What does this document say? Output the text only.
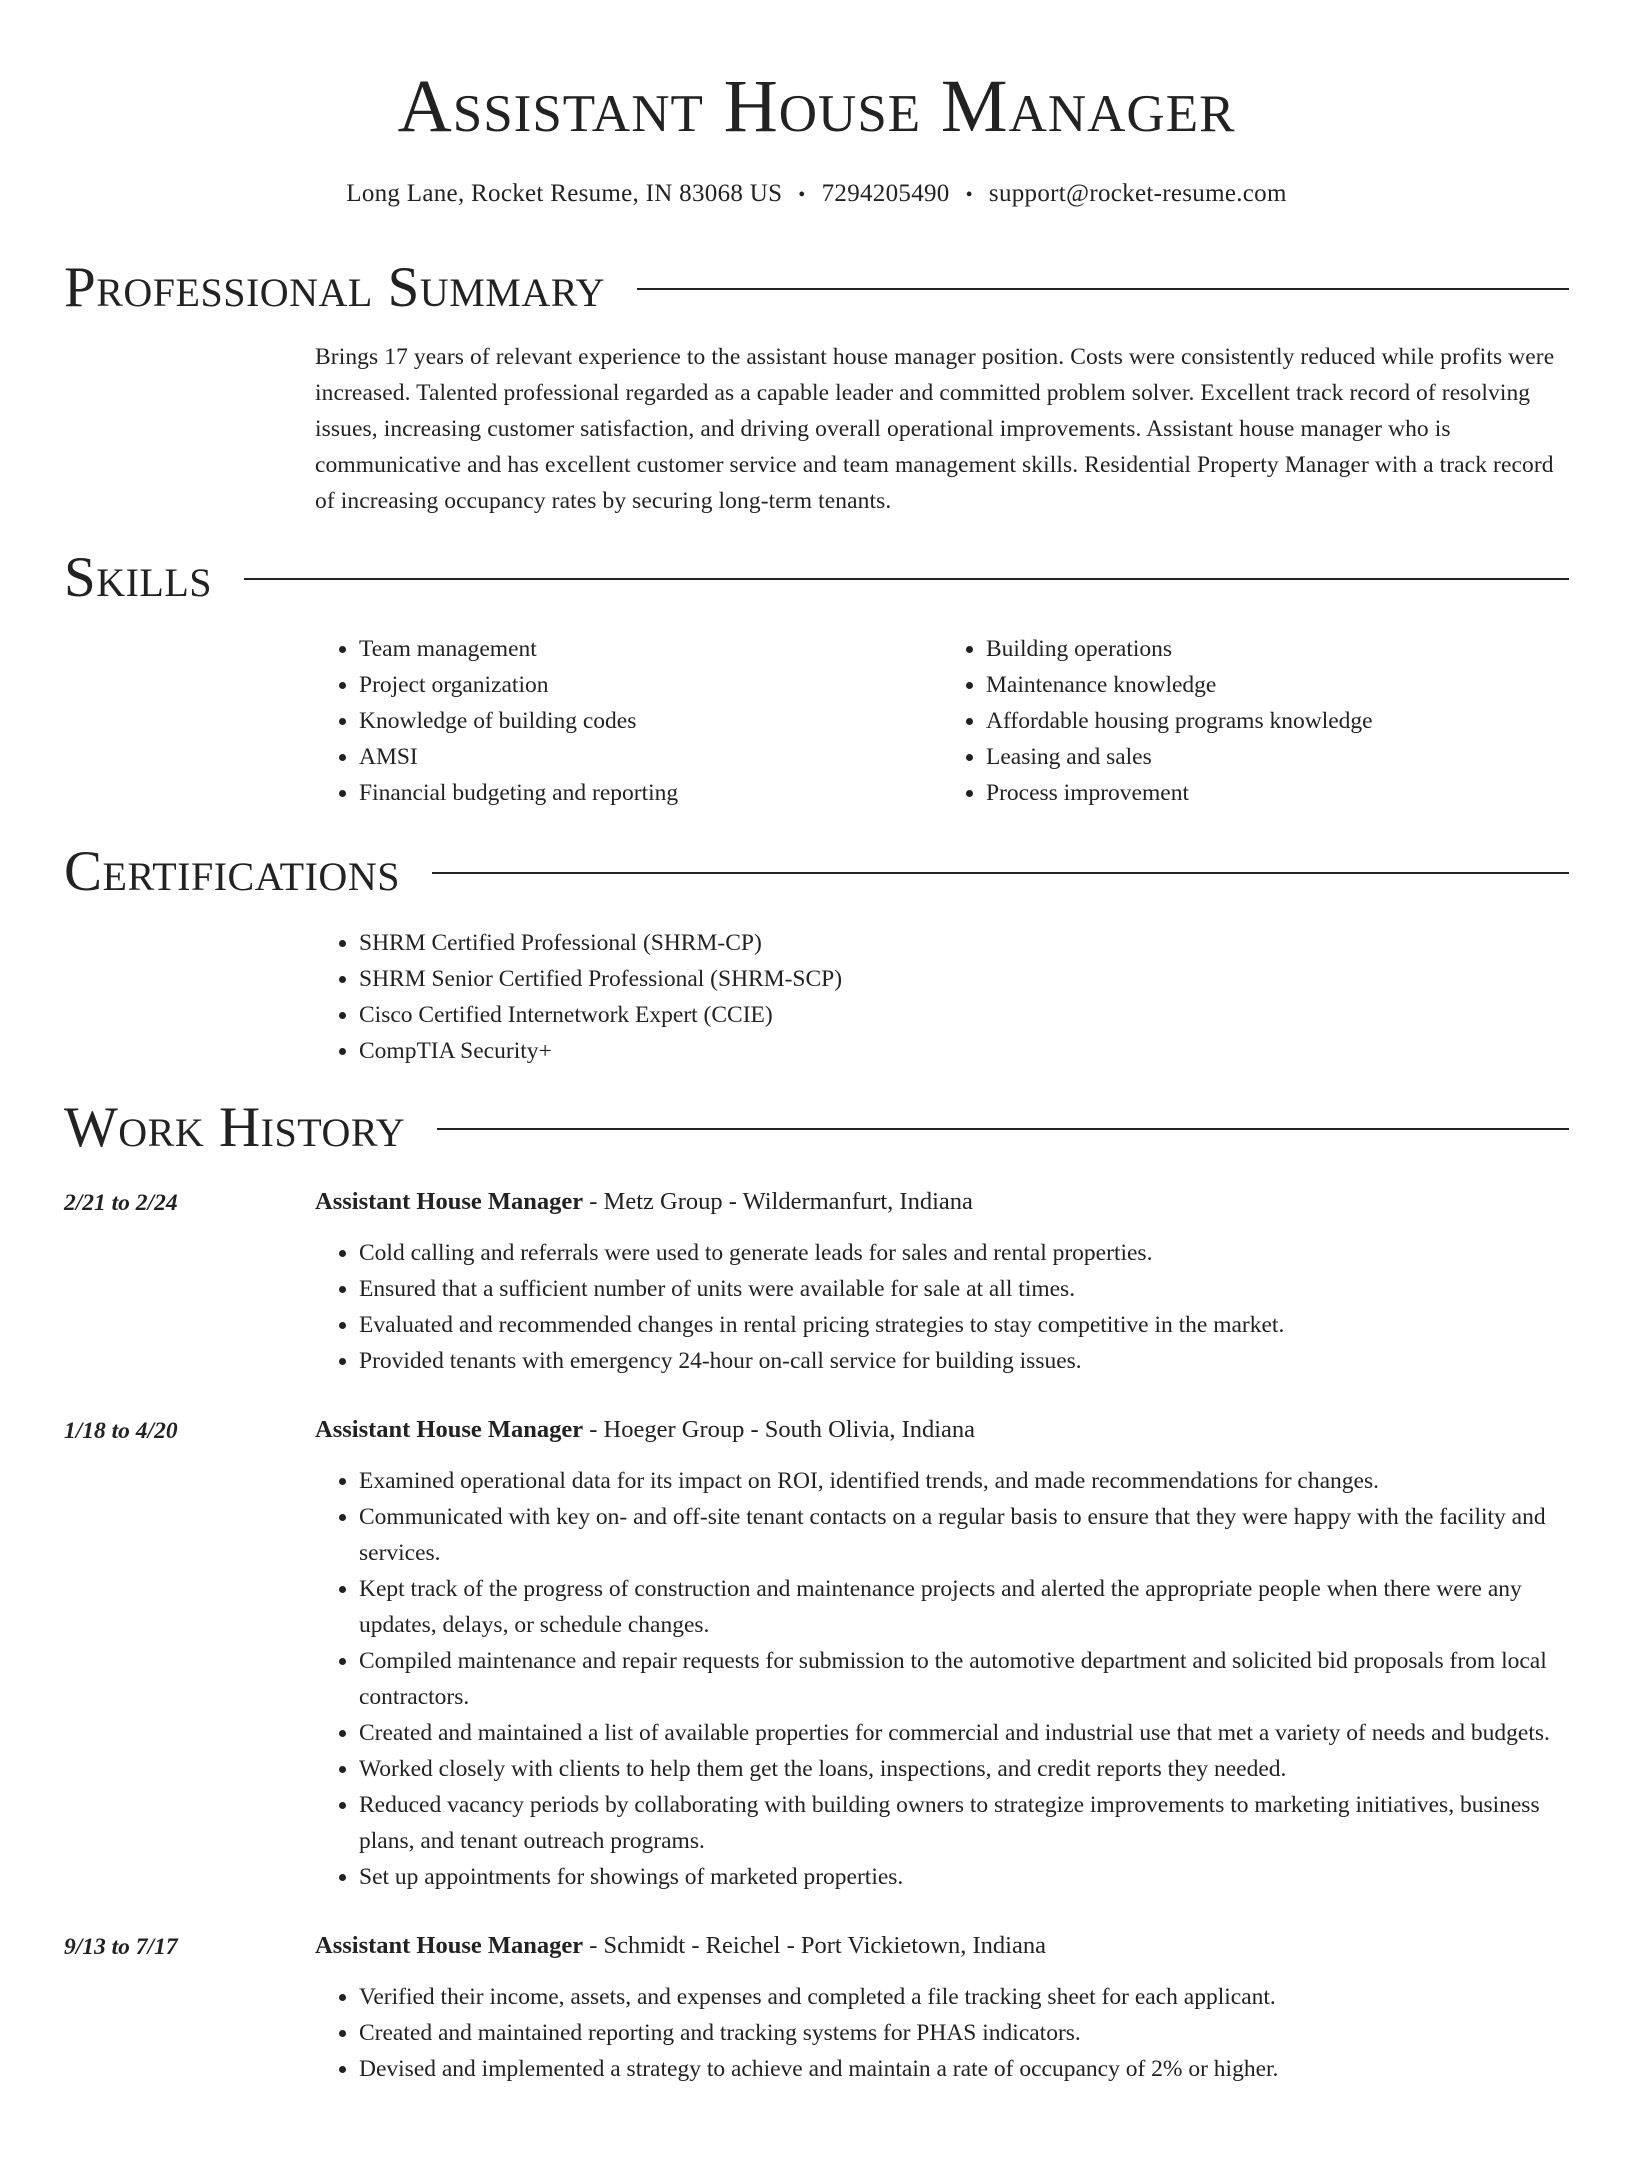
Assistant House Manager
Long Lane, Rocket Resume, IN 83068 US • 7294205490 • support@rocket-resume.com
Professional Summary
Brings 17 years of relevant experience to the assistant house manager position. Costs were consistently reduced while profits were increased. Talented professional regarded as a capable leader and committed problem solver. Excellent track record of resolving issues, increasing customer satisfaction, and driving overall operational improvements. Assistant house manager who is communicative and has excellent customer service and team management skills. Residential Property Manager with a track record of increasing occupancy rates by securing long-term tenants.
Skills
• Team management
• Project organization
• Knowledge of building codes
• AMSI
• Financial budgeting and reporting
• Building operations
• Maintenance knowledge
• Affordable housing programs knowledge
• Leasing and sales
• Process improvement
Certifications
• SHRM Certified Professional (SHRM-CP)
• SHRM Senior Certified Professional (SHRM-SCP)
• Cisco Certified Internetwork Expert (CCIE)
• CompTIA Security+
Work History
2/21 to 2/24	Assistant House Manager - Metz Group - Wildermanfurt, Indiana
• Cold calling and referrals were used to generate leads for sales and rental properties.
• Ensured that a sufficient number of units were available for sale at all times.
• Evaluated and recommended changes in rental pricing strategies to stay competitive in the market.
• Provided tenants with emergency 24-hour on-call service for building issues.
1/18 to 4/20	Assistant House Manager - Hoeger Group - South Olivia, Indiana
• Examined operational data for its impact on ROI, identified trends, and made recommendations for changes.
• Communicated with key on- and off-site tenant contacts on a regular basis to ensure that they were happy with the facility and services.
• Kept track of the progress of construction and maintenance projects and alerted the appropriate people when there were any updates, delays, or schedule changes.
• Compiled maintenance and repair requests for submission to the automotive department and solicited bid proposals from local contractors.
• Created and maintained a list of available properties for commercial and industrial use that met a variety of needs and budgets.
• Worked closely with clients to help them get the loans, inspections, and credit reports they needed.
• Reduced vacancy periods by collaborating with building owners to strategize improvements to marketing initiatives, business plans, and tenant outreach programs.
• Set up appointments for showings of marketed properties.
9/13 to 7/17	Assistant House Manager - Schmidt - Reichel - Port Vickietown, Indiana
• Verified their income, assets, and expenses and completed a file tracking sheet for each applicant.
• Created and maintained reporting and tracking systems for PHAS indicators.
• Devised and implemented a strategy to achieve and maintain a rate of occupancy of 2% or higher.
